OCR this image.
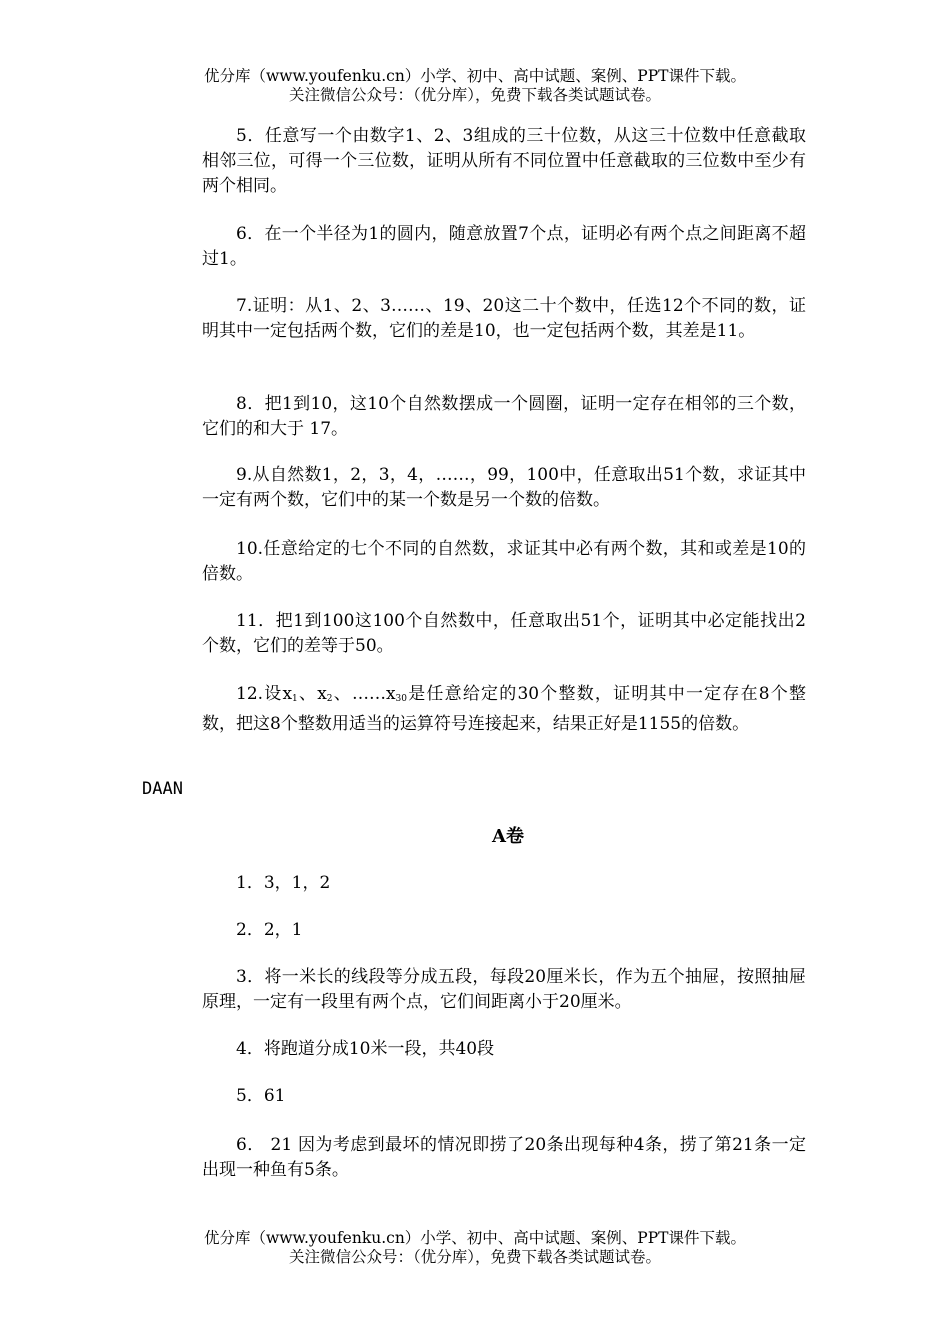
优分库（www.youfenku.cn）小学、初中、高中试题、案例、PPT课件下载。
关注微信公众号：（优分库），免费下载各类试题试卷。

5．任意写一个由数字1、2、3组成的三十位数，从这三十位数中任意截取相邻三位，可得一个三位数，证明从所有不同位置中任意截取的三位数中至少有两个相同。

6．在一个半径为1的圆内，随意放置7个点，证明必有两个点之间距离不超过1。

7.证明：从1、2、3……、19、20这二十个数中，任选12个不同的数，证明其中一定包括两个数，它们的差是10，也一定包括两个数，其差是11。

8．把1到10，这10个自然数摆成一个圆圈，证明一定存在相邻的三个数，它们的和大于 17。

9.从自然数1，2，3，4，……，99，100中，任意取出51个数，求证其中一定有两个数，它们中的某一个数是另一个数的倍数。

10.任意给定的七个不同的自然数，求证其中必有两个数，其和或差是10的倍数。

11．把1到100这100个自然数中，任意取出51个，证明其中必定能找出2个数，它们的差等于50。

12.设$x_1$、$x_2$、$\dots\dots x_{30}$是任意给定的30个整数，证明其中一定存在8个整数，把这8个整数用适当的运算符号连接起来，结果正好是1155的倍数。

DAAN
A卷

1．3，1，2

2．2，1

3．将一米长的线段等分成五段，每段20厘米长，作为五个抽屉，按照抽屉原理，一定有一段里有两个点，它们间距离小于20厘米。

4．将跑道分成10米一段，共40段

5．61

6． 21 因为考虑到最坏的情况即捞了20条出现每种4条，捞了第21条一定出现一种鱼有5条。

优分库（www.youfenku.cn）小学、初中、高中试题、案例、PPT课件下载。
关注微信公众号：（优分库），免费下载各类试题试卷。
